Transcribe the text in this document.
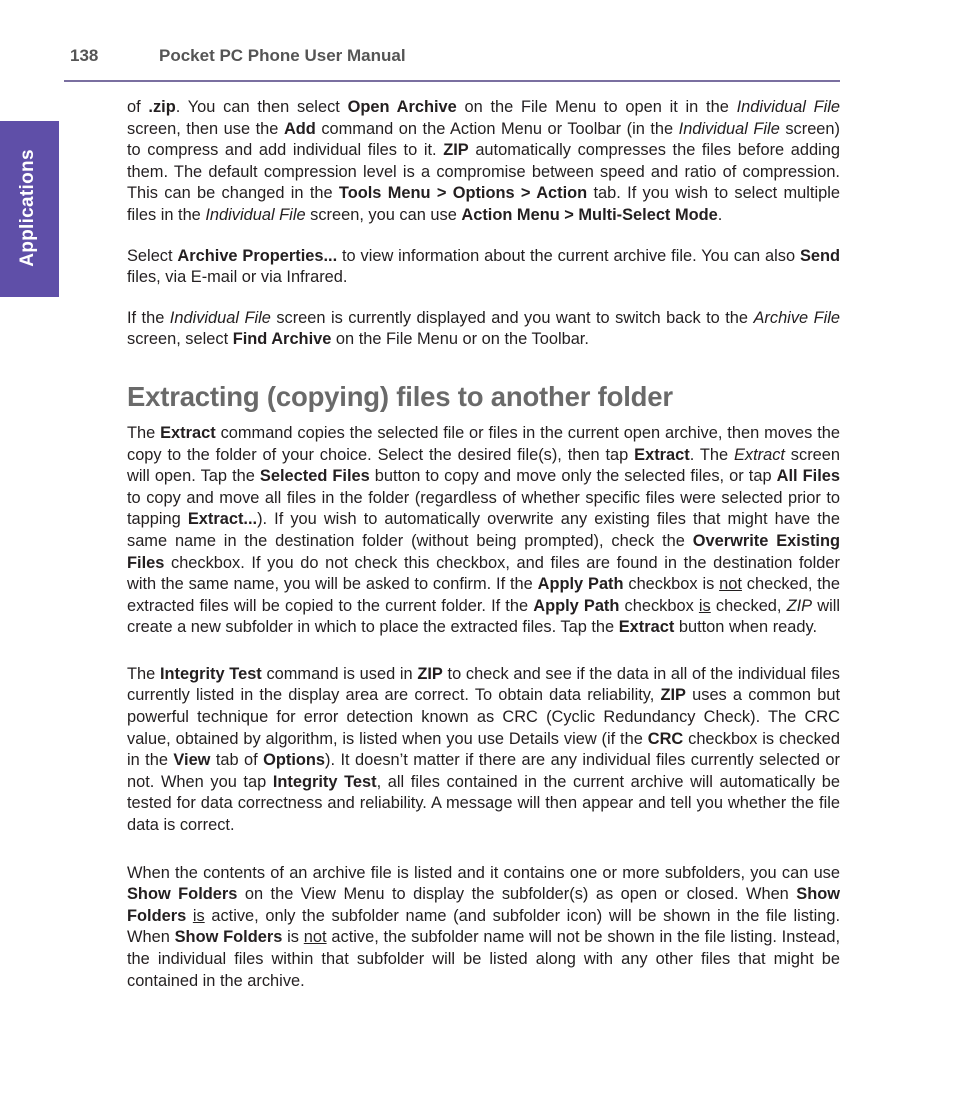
138	Pocket PC Phone User Manual
Applications

of .zip. You can then select Open Archive on the File Menu to open it in the Individual File screen, then use the Add command on the Action Menu or Toolbar (in the Individual File screen) to compress and add individual files to it. ZIP automatically compresses the files before adding them. The default compression level is a compromise between speed and ratio of compression. This can be changed in the Tools Menu > Options > Action tab. If you wish to select multiple files in the Individual File screen, you can use Action Menu > Multi-Select Mode.

Select Archive Properties... to view information about the current archive file. You can also Send files, via E-mail or via Infrared.

If the Individual File screen is currently displayed and you want to switch back to the Archive File screen, select Find Archive on the File Menu or on the Toolbar.

Extracting (copying) files to another folder

The Extract command copies the selected file or files in the current open archive, then moves the copy to the folder of your choice. Select the desired file(s), then tap Extract. The Extract screen will open. Tap the Selected Files button to copy and move only the selected files, or tap All Files to copy and move all files in the folder (regardless of whether specific files were selected prior to tapping Extract...). If you wish to automatically overwrite any existing files that might have the same name in the destination folder (without being prompted), check the Overwrite Existing Files checkbox. If you do not check this checkbox, and files are found in the destination folder with the same name, you will be asked to confirm. If the Apply Path checkbox is not checked, the extracted files will be copied to the current folder. If the Apply Path checkbox is checked, ZIP will create a new subfolder in which to place the extracted files. Tap the Extract button when ready.

The Integrity Test command is used in ZIP to check and see if the data in all of the individual files currently listed in the display area are correct. To obtain data reliability, ZIP uses a common but powerful technique for error detection known as CRC (Cyclic Redundancy Check). The CRC value, obtained by algorithm, is listed when you use Details view (if the CRC checkbox is checked in the View tab of Options). It doesn’t matter if there are any individual files currently selected or not. When you tap Integrity Test, all files contained in the current archive will automatically be tested for data correctness and reliability. A message will then appear and tell you whether the file data is correct.

When the contents of an archive file is listed and it contains one or more subfolders, you can use Show Folders on the View Menu to display the subfolder(s) as open or closed. When Show Folders is active, only the subfolder name (and subfolder icon) will be shown in the file listing. When Show Folders is not active, the subfolder name will not be shown in the file listing. Instead, the individual files within that subfolder will be listed along with any other files that might be contained in the archive.
